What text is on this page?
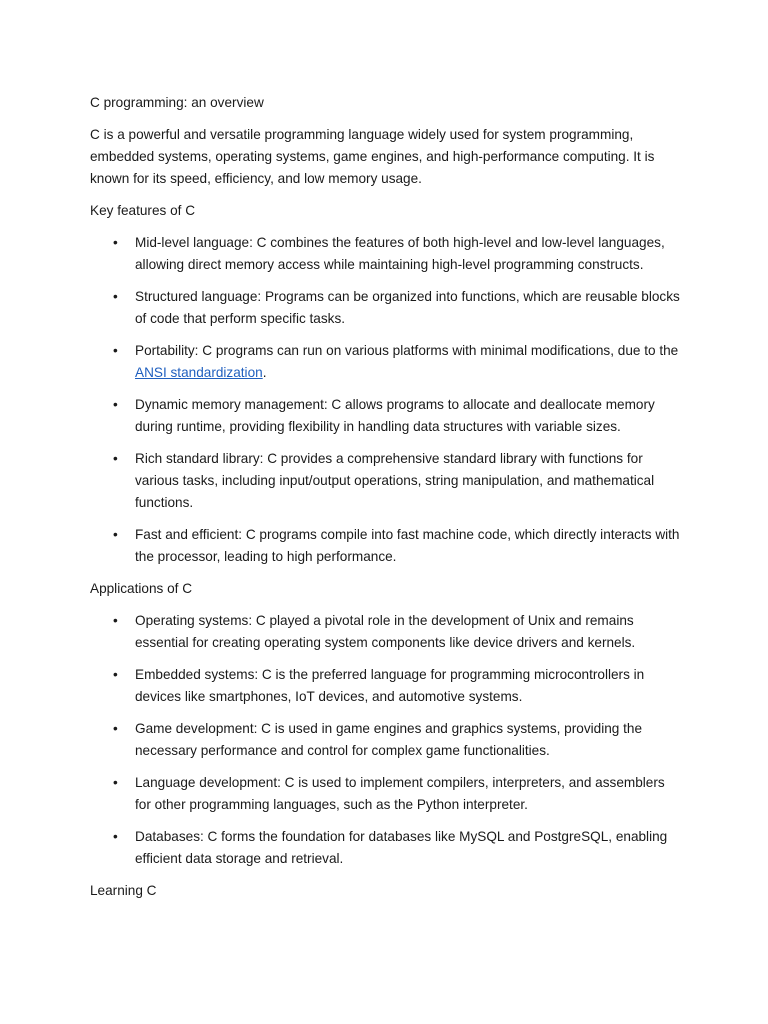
C programming: an overview

C is a powerful and versatile programming language widely used for system programming, embedded systems, operating systems, game engines, and high-performance computing. It is known for its speed, efficiency, and low memory usage.

Key features of C

• Mid-level language: C combines the features of both high-level and low-level languages, allowing direct memory access while maintaining high-level programming constructs.
• Structured language: Programs can be organized into functions, which are reusable blocks of code that perform specific tasks.
• Portability: C programs can run on various platforms with minimal modifications, due to the ANSI standardization.
• Dynamic memory management: C allows programs to allocate and deallocate memory during runtime, providing flexibility in handling data structures with variable sizes.
• Rich standard library: C provides a comprehensive standard library with functions for various tasks, including input/output operations, string manipulation, and mathematical functions.
• Fast and efficient: C programs compile into fast machine code, which directly interacts with the processor, leading to high performance.

Applications of C

• Operating systems: C played a pivotal role in the development of Unix and remains essential for creating operating system components like device drivers and kernels.
• Embedded systems: C is the preferred language for programming microcontrollers in devices like smartphones, IoT devices, and automotive systems.
• Game development: C is used in game engines and graphics systems, providing the necessary performance and control for complex game functionalities.
• Language development: C is used to implement compilers, interpreters, and assemblers for other programming languages, such as the Python interpreter.
• Databases: C forms the foundation for databases like MySQL and PostgreSQL, enabling efficient data storage and retrieval.

Learning C
